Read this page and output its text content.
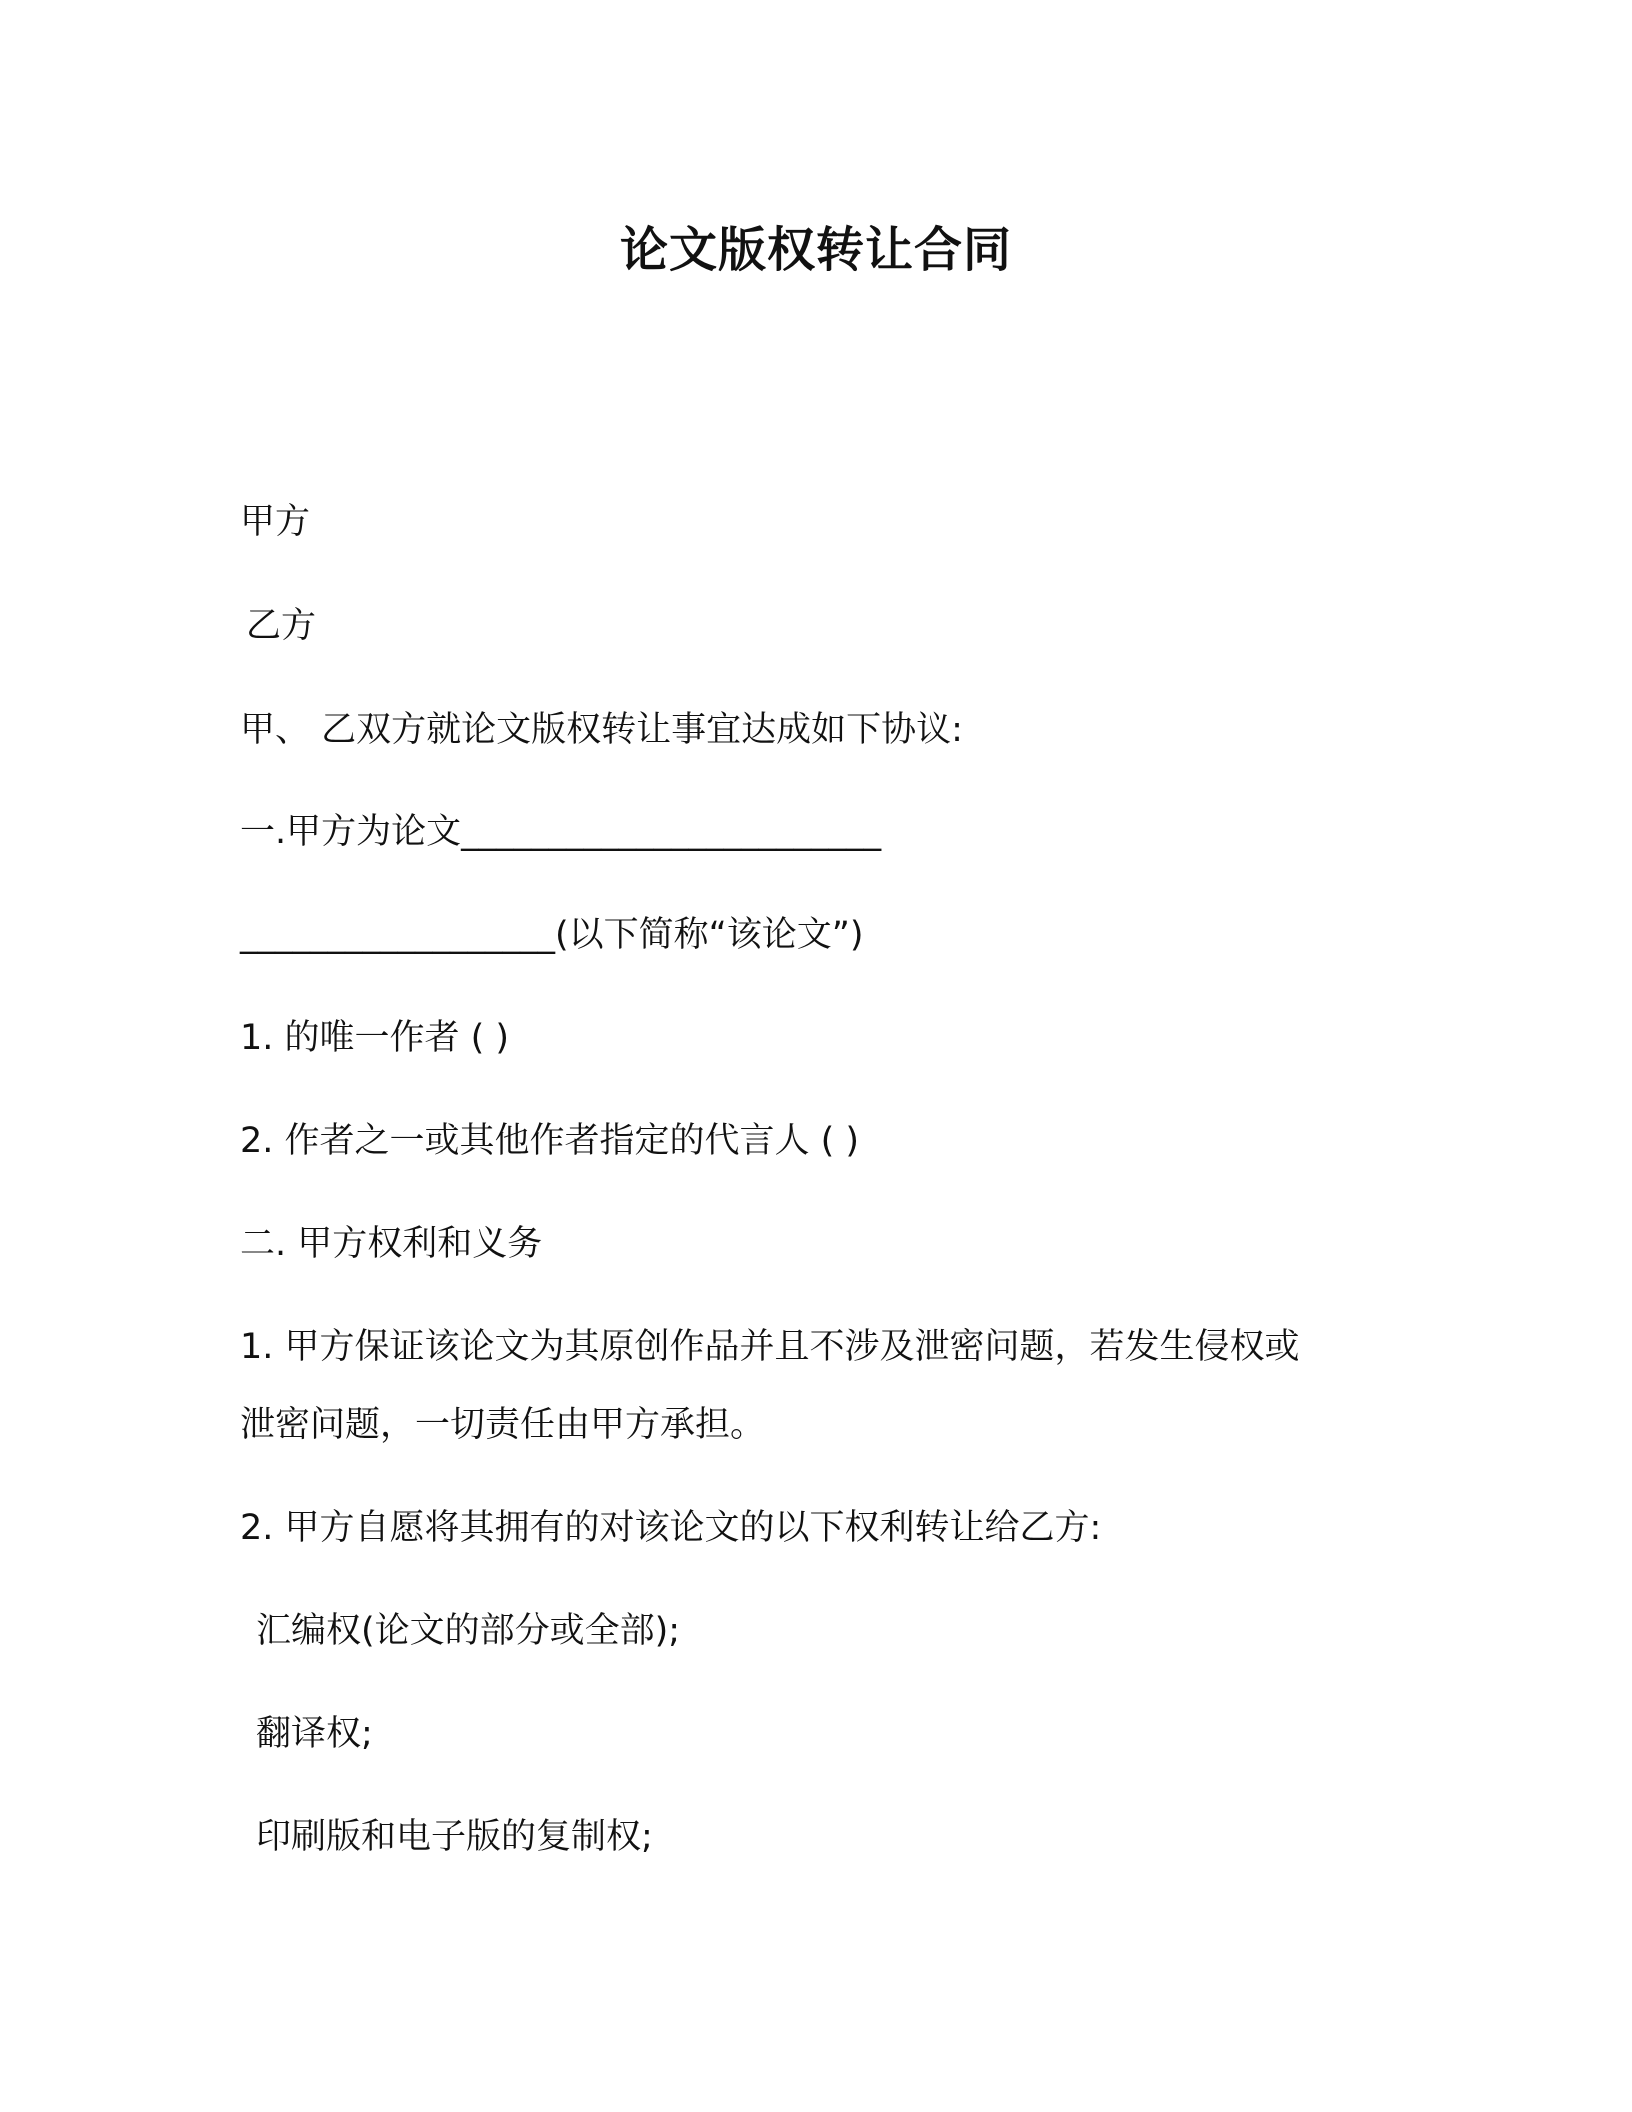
论文版权转让合同
甲方
乙方
甲、 乙双方就论文版权转让事宜达成如下协议:
一.甲方为论文________________________
__________________(以下简称“该论文”)
1. 的唯一作者 ( )
2. 作者之一或其他作者指定的代言人 ( )
二. 甲方权利和义务
1. 甲方保证该论文为其原创作品并且不涉及泄密问题，若发生侵权或
泄密问题，一切责任由甲方承担。
2. 甲方自愿将其拥有的对该论文的以下权利转让给乙方:
汇编权(论文的部分或全部);
翻译权;
印刷版和电子版的复制权;
